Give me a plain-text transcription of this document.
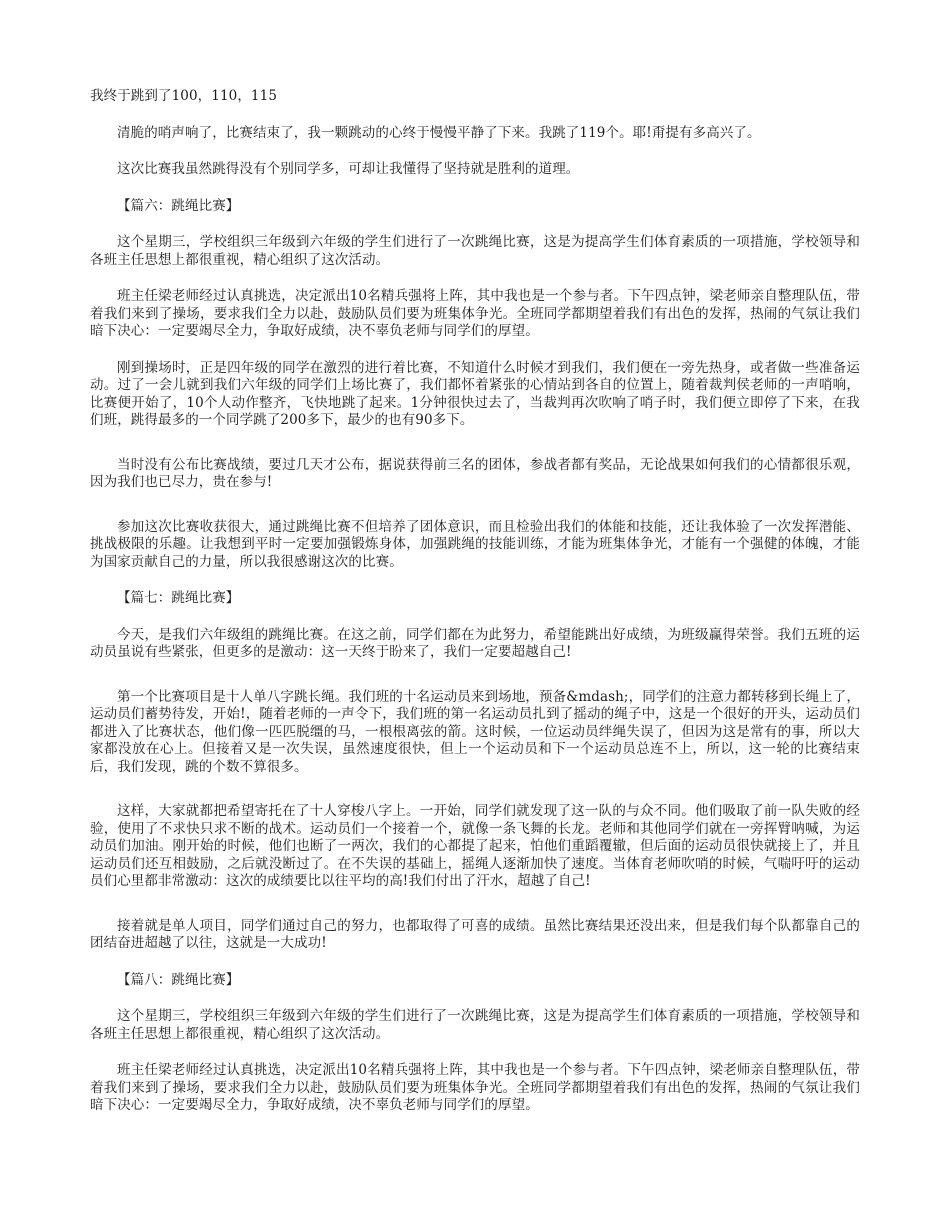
我终于跳到了100，110，115

清脆的哨声响了，比赛结束了，我一颗跳动的心终于慢慢平静了下来。我跳了119个。耶!甭提有多高兴了。

这次比赛我虽然跳得没有个别同学多，可却让我懂得了坚持就是胜利的道理。

【篇六：跳绳比赛】

这个星期三，学校组织三年级到六年级的学生们进行了一次跳绳比赛，这是为提高学生们体育素质的一项措施，学校领导和各班主任思想上都很重视，精心组织了这次活动。

班主任梁老师经过认真挑选，决定派出10名精兵强将上阵，其中我也是一个参与者。下午四点钟，梁老师亲自整理队伍，带着我们来到了操场，要求我们全力以赴，鼓励队员们要为班集体争光。全班同学都期望着我们有出色的发挥，热闹的气氛让我们暗下决心：一定要竭尽全力，争取好成绩，决不辜负老师与同学们的厚望。

刚到操场时，正是四年级的同学在激烈的进行着比赛，不知道什么时候才到我们，我们便在一旁先热身，或者做一些准备运动。过了一会儿就到我们六年级的同学们上场比赛了，我们都怀着紧张的心情站到各自的位置上，随着裁判侯老师的一声哨响，比赛便开始了，10个人动作整齐，飞快地跳了起来。1分钟很快过去了，当裁判再次吹响了哨子时，我们便立即停了下来，在我们班，跳得最多的一个同学跳了200多下，最少的也有90多下。

当时没有公布比赛战绩，要过几天才公布，据说获得前三名的团体，参战者都有奖品，无论战果如何我们的心情都很乐观，因为我们也已尽力，贵在参与!

参加这次比赛收获很大，通过跳绳比赛不但培养了团体意识，而且检验出我们的体能和技能，还让我体验了一次发挥潜能、挑战极限的乐趣。让我想到平时一定要加强锻炼身体，加强跳绳的技能训练，才能为班集体争光，才能有一个强健的体魄，才能为国家贡献自己的力量，所以我很感谢这次的比赛。

【篇七：跳绳比赛】

今天，是我们六年级组的跳绳比赛。在这之前，同学们都在为此努力，希望能跳出好成绩，为班级赢得荣誉。我们五班的运动员虽说有些紧张，但更多的是激动：这一天终于盼来了，我们一定要超越自己!

第一个比赛项目是十人单八字跳长绳。我们班的十名运动员来到场地，预备&mdash;，同学们的注意力都转移到长绳上了，运动员们蓄势待发，开始!，随着老师的一声令下，我们班的第一名运动员扎到了摇动的绳子中，这是一个很好的开头，运动员们都进入了比赛状态，他们像一匹匹脱缰的马，一根根离弦的箭。这时候，一位运动员绊绳失误了，但因为这是常有的事，所以大家都没放在心上。但接着又是一次失误，虽然速度很快，但上一个运动员和下一个运动员总连不上，所以，这一轮的比赛结束后，我们发现，跳的个数不算很多。

这样，大家就都把希望寄托在了十人穿梭八字上。一开始，同学们就发现了这一队的与众不同。他们吸取了前一队失败的经验，使用了不求快只求不断的战术。运动员们一个接着一个，就像一条飞舞的长龙。老师和其他同学们就在一旁挥臂呐喊，为运动员们加油。刚开始的时候，他们也断了一两次，我们的心都提了起来，怕他们重蹈覆辙，但后面的运动员很快就接上了，并且运动员们还互相鼓励，之后就没断过了。在不失误的基础上，摇绳人逐渐加快了速度。当体育老师吹哨的时候，气喘吁吁的运动员们心里都非常激动：这次的成绩要比以往平均的高!我们付出了汗水，超越了自己!

接着就是单人项目，同学们通过自己的努力，也都取得了可喜的成绩。虽然比赛结果还没出来，但是我们每个队都靠自己的团结奋进超越了以往，这就是一大成功!

【篇八：跳绳比赛】

这个星期三，学校组织三年级到六年级的学生们进行了一次跳绳比赛，这是为提高学生们体育素质的一项措施，学校领导和各班主任思想上都很重视，精心组织了这次活动。

班主任梁老师经过认真挑选，决定派出10名精兵强将上阵，其中我也是一个参与者。下午四点钟，梁老师亲自整理队伍，带着我们来到了操场，要求我们全力以赴，鼓励队员们要为班集体争光。全班同学都期望着我们有出色的发挥，热闹的气氛让我们暗下决心：一定要竭尽全力，争取好成绩，决不辜负老师与同学们的厚望。
